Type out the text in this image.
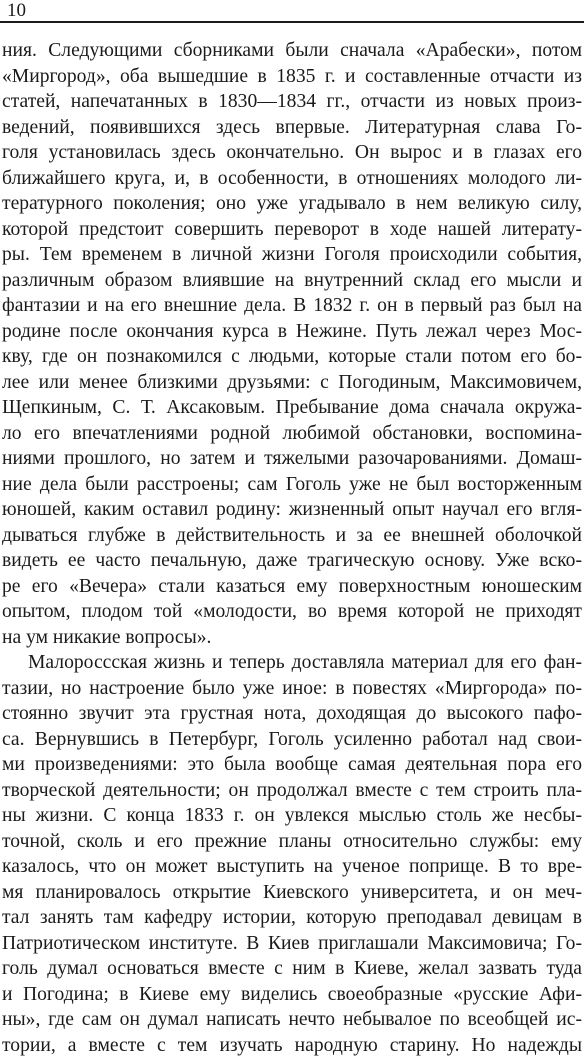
10
ния. Следующими сборниками были сначала «Арабески», потом
«Миргород», оба вышедшие в 1835 г. и составленные отчасти из
статей, напечатанных в 1830—1834 гг., отчасти из новых произ-
ведений, появившихся здесь впервые. Литературная слава Го-
голя установилась здесь окончательно. Он вырос и в глазах его
ближайшего круга, и, в особенности, в отношениях молодого ли-
тературного поколения; оно уже угадывало в нем великую силу,
которой предстоит совершить переворот в ходе нашей литерату-
ры. Тем временем в личной жизни Гоголя происходили события,
различным образом влиявшие на внутренний склад его мысли и
фантазии и на его внешние дела. В 1832 г. он в первый раз был на
родине после окончания курса в Нежине. Путь лежал через Мос-
кву, где он познакомился с людьми, которые стали потом его бо-
лее или менее близкими друзьями: с Погодиным, Максимовичем,
Щепкиным, С. Т. Аксаковым. Пребывание дома сначала окружа-
ло его впечатлениями родной любимой обстановки, воспомина-
ниями прошлого, но затем и тяжелыми разочарованиями. Домаш-
ние дела были расстроены; сам Гоголь уже не был восторженным
юношей, каким оставил родину: жизненный опыт научал его вгля-
дываться глубже в действительность и за ее внешней оболочкой
видеть ее часто печальную, даже трагическую основу. Уже вско-
ре его «Вечера» стали казаться ему поверхностным юношеским
опытом, плодом той «молодости, во время которой не приходят
на ум никакие вопросы».
Малороссская жизнь и теперь доставляла материал для его фан-
тазии, но настроение было уже иное: в повестях «Миргорода» по-
стоянно звучит эта грустная нота, доходящая до высокого пафо-
са. Вернувшись в Петербург, Гоголь усиленно работал над свои-
ми произведениями: это была вообще самая деятельная пора его
творческой деятельности; он продолжал вместе с тем строить пла-
ны жизни. С конца 1833 г. он увлекся мыслью столь же несбы-
точной, сколь и его прежние планы относительно службы: ему
казалось, что он может выступить на ученое поприще. В то вре-
мя планировалось открытие Киевского университета, и он меч-
тал занять там кафедру истории, которую преподавал девицам в
Патриотическом институте. В Киев приглашали Максимовича; Го-
голь думал основаться вместе с ним в Киеве, желал зазвать туда
и Погодина; в Киеве ему виделись своеобразные «русские Афи-
ны», где сам он думал написать нечто небывалое по всеобщей ис-
тории, а вместе с тем изучать народную старину. Но надежды
